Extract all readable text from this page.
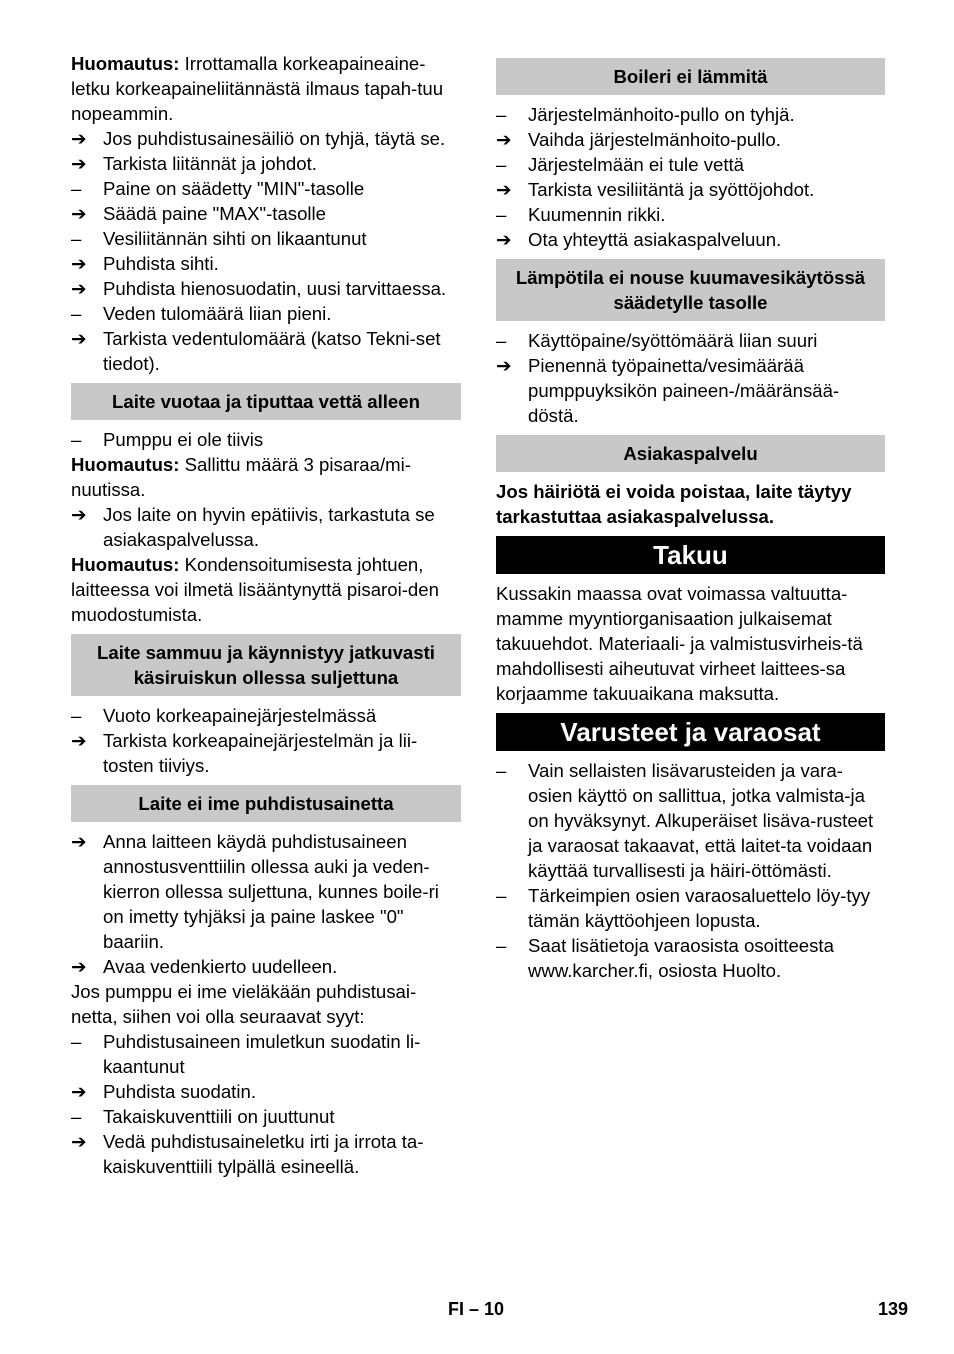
Huomautus: Irrottamalla korkeapaineaine-letku korkeapaineliitännästä ilmaus tapah-tuu nopeammin.

➔ Jos puhdistusainesäiliö on tyhjä, täytä se.
➔ Tarkista liitännät ja johdot.
–	Paine on säädetty "MIN"-tasolle
➔ Säädä paine "MAX"-tasolle
–	Vesiliitännän sihti on likaantunut
➔ Puhdista sihti.
➔ Puhdista hienosuodatin, uusi tarvittaessa.
–	Veden tulomäärä liian pieni.
➔ Tarkista vedentulomäärä (katso Tekni-set tiedot).
Laite vuotaa ja tiputtaa vettä alleen
–	Pumppu ei ole tiivis

Huomautus: Sallittu määrä 3 pisaraa/mi-nuutissa.

➔ Jos laite on hyvin epätiivis, tarkastuta se asiakaspalvelussa.

Huomautus: Kondensoitumisesta johtuen, laitteessa voi ilmetä lisääntynyttä pisaroi-den muodostumista.

Laite sammuu ja käynnistyy jatkuvasti käsiruiskun ollessa suljettuna
–	Vuoto korkeapainejärjestelmässä
➔ Tarkista korkeapainejärjestelmän ja lii-tosten tiiviys.
Laite ei ime puhdistusainetta
➔ Anna laitteen käydä puhdistusaineen annostusventtiilin ollessa auki ja veden-kierron ollessa suljettuna, kunnes boile-ri on imetty tyhjäksi ja paine laskee "0" baariin.
➔ Avaa vedenkierto uudelleen.

Jos pumppu ei ime vieläkään puhdistusai-netta, siihen voi olla seuraavat syyt:

–	Puhdistusaineen imuletkun suodatin li-kaantunut
➔ Puhdista suodatin.
–	Takaiskuventtiili on juuttunut
➔ Vedä puhdistusaineletku irti ja irrota ta-kaiskuventtiili tylpällä esineellä.
Boileri ei lämmitä
–	Järjestelmänhoito-pullo on tyhjä.
➔ Vaihda järjestelmänhoito-pullo.
–	Järjestelmään ei tule vettä
➔ Tarkista vesiliitäntä ja syöttöjohdot.
–	Kuumennin rikki.
➔ Ota yhteyttä asiakaspalveluun.
Lämpötila ei nouse kuumavesikäytössä säädetylle tasolle
–	Käyttöpaine/syöttömäärä liian suuri
➔ Pienennä työpainetta/vesimäärää pumppuyksikön paineen-/määränsää-döstä.
Asiakaspalvelu

Jos häiriötä ei voida poistaa, laite täytyy tarkastuttaa asiakaspalvelussa.

Takuu

Kussakin maassa ovat voimassa valtuutta-mamme myyntiorganisaation julkaisemat takuuehdot. Materiaali- ja valmistusvirheis-tä mahdollisesti aiheutuvat virheet laittees-sa korjaamme takuuaikana maksutta.

Varusteet ja varaosat
–	Vain sellaisten lisävarusteiden ja vara-osien käyttö on sallittua, jotka valmista-ja on hyväksynyt. Alkuperäiset lisäva-rusteet ja varaosat takaavat, että laitet-ta voidaan käyttää turvallisesti ja häiri-öttömästi.
–	Tärkeimpien osien varaosaluettelo löy-tyy tämän käyttöohjeen lopusta.
–	Saat lisätietoja varaosista osoitteesta www.karcher.fi, osiosta Huolto.
FI – 10	139
